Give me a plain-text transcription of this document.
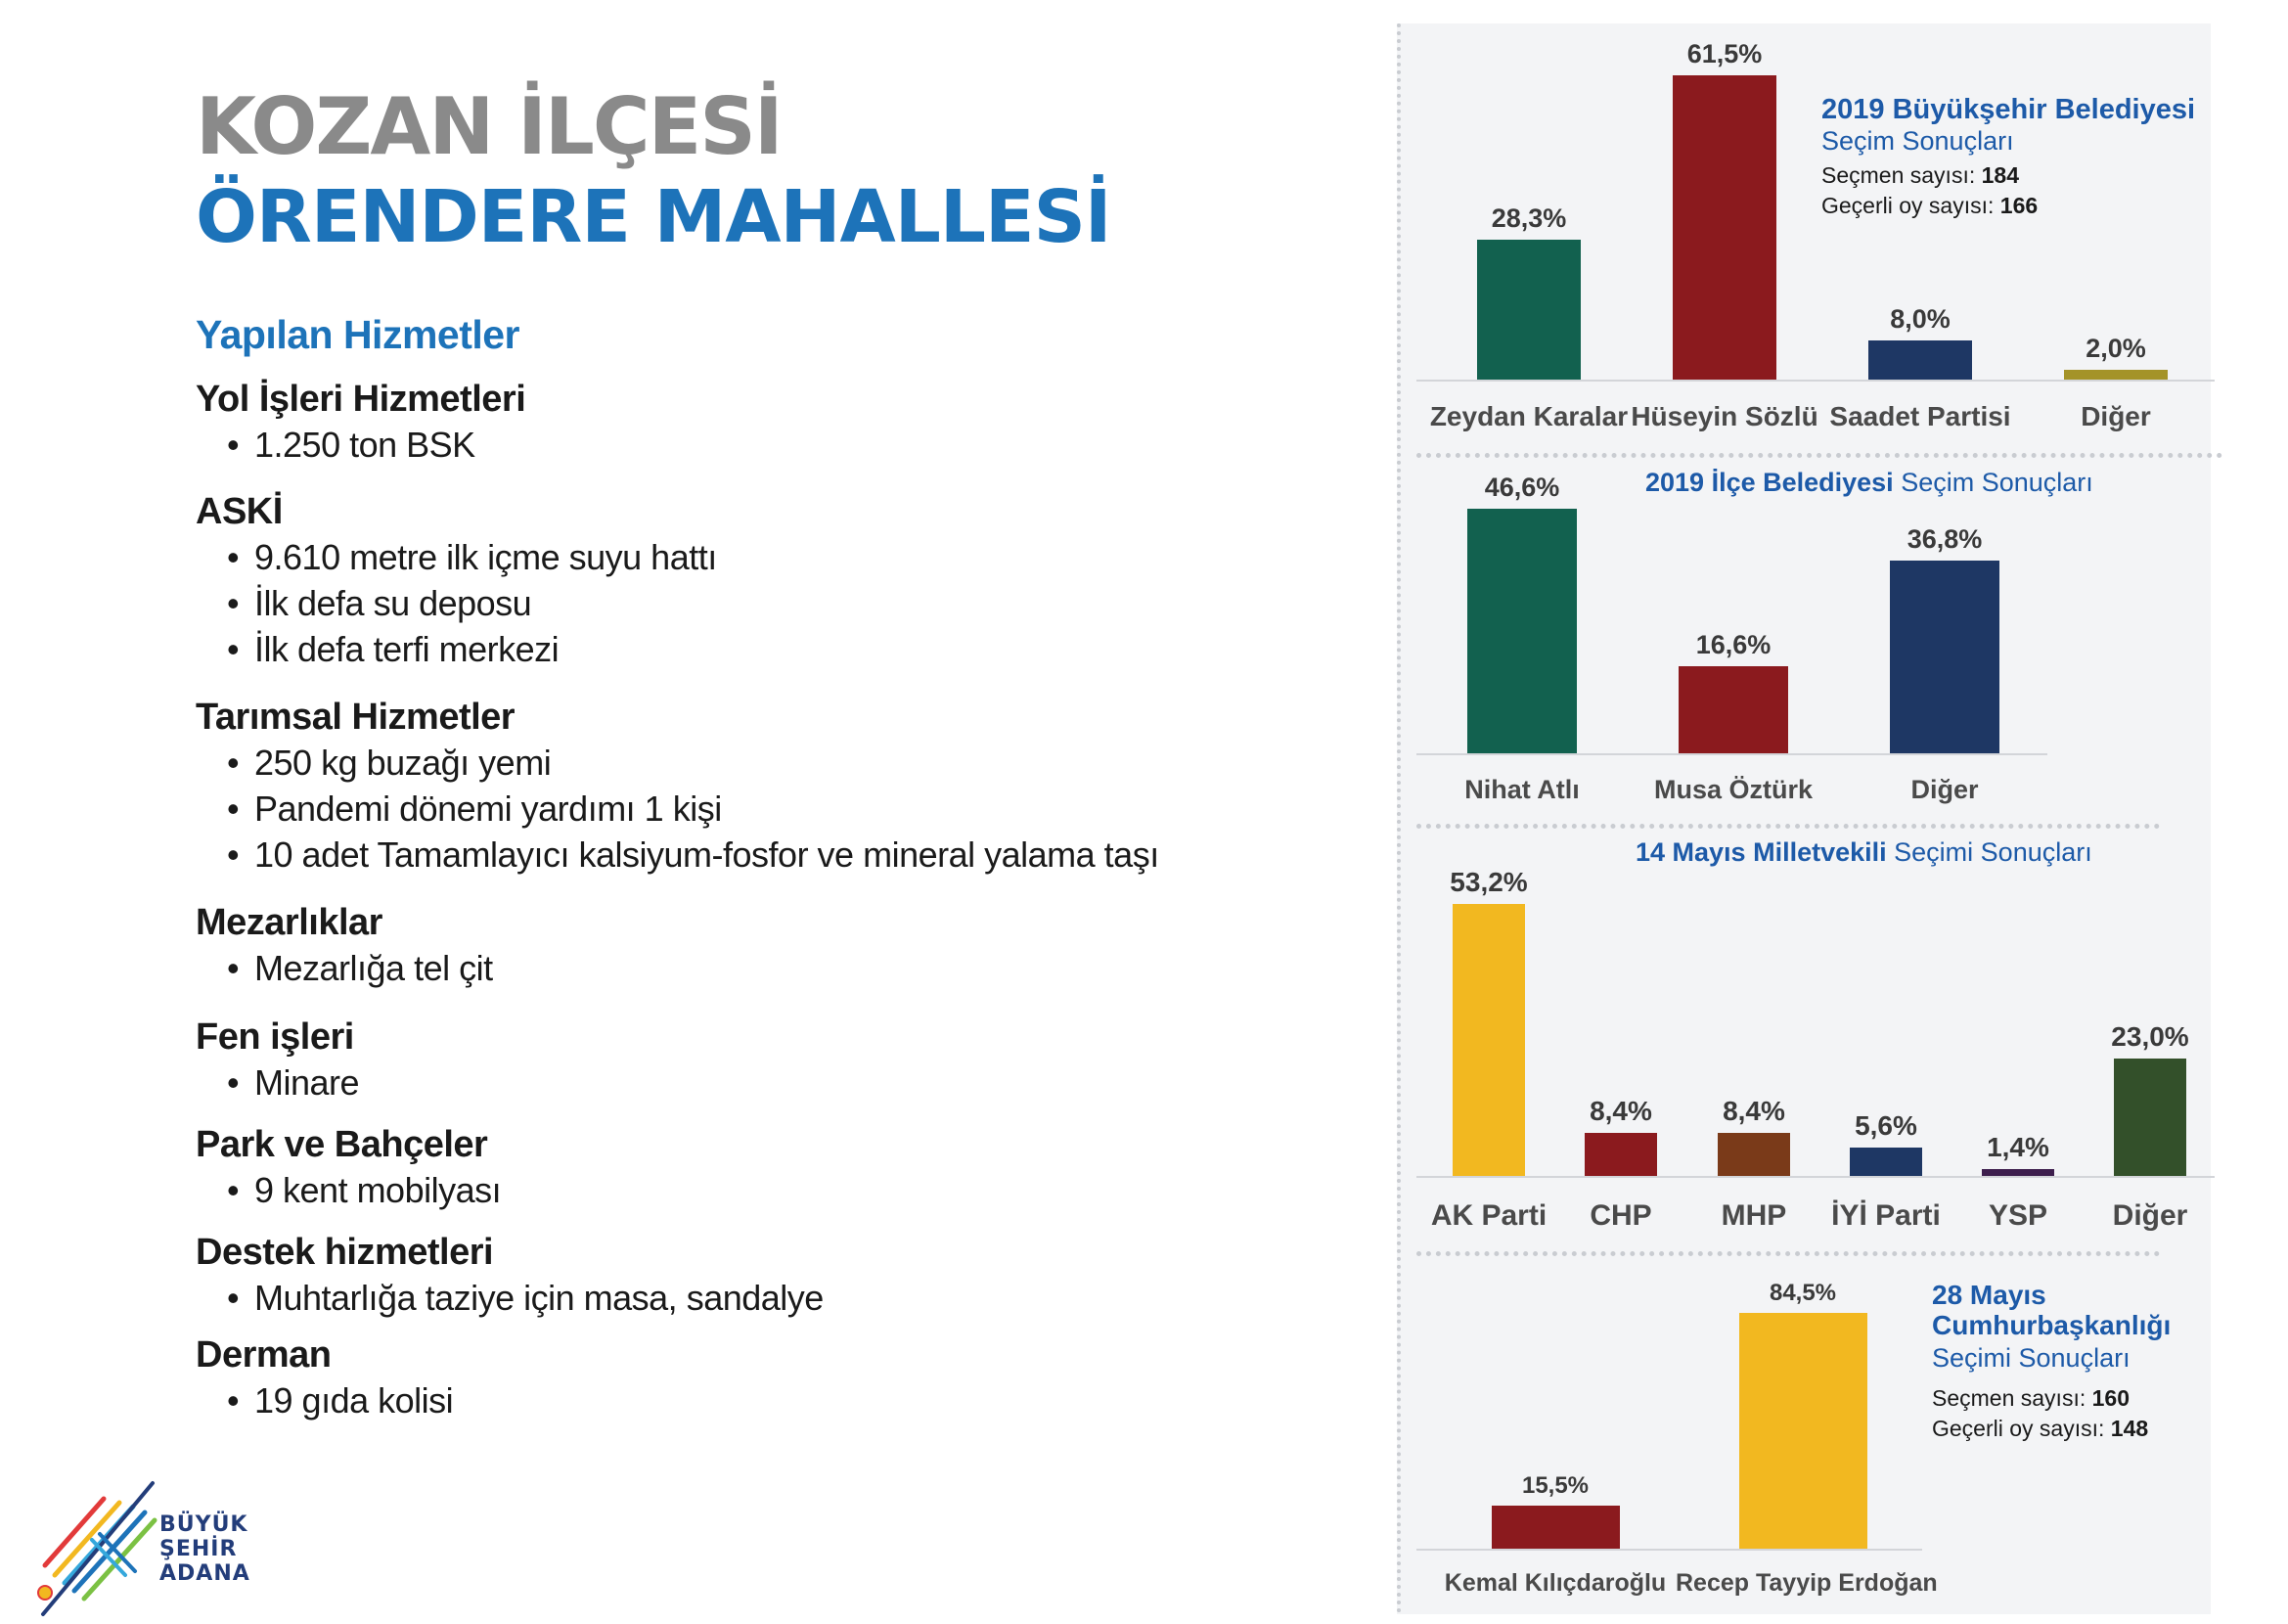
KOZAN İLÇESİ
ÖRENDERE MAHALLESİ
Yapılan Hizmetler
Yol İşleri Hizmetleri
• 1.250 ton BSK
ASKİ
• 9.610 metre ilk içme suyu hattı
• İlk defa su deposu
• İlk defa terfi merkezi
Tarımsal Hizmetler
• 250 kg buzağı yemi
• Pandemi dönemi yardımı 1 kişi
• 10 adet Tamamlayıcı kalsiyum-fosfor ve mineral yalama taşı
Mezarlıklar
• Mezarlığa tel çit
Fen işleri
• Minare
Park ve Bahçeler
• 9 kent mobilyası
Destek hizmetleri
• Muhtarlığa taziye için masa, sandalye
Derman
• 19 gıda kolisi
BÜYÜK
ŞEHİR
ADANA
2019 Büyükşehir Belediyesi
Seçim Sonuçları
Seçmen sayısı: 184
Geçerli oy sayısı: 166
2019 İlçe Belediyesi Seçim Sonuçları
14 Mayıs Milletvekili Seçimi Sonuçları
28 Mayıs
Cumhurbaşkanlığı
Seçimi Sonuçları
Seçmen sayısı: 160
Geçerli oy sayısı: 148
28,3%
Zeydan Karalar
61,5%
Hüseyin Sözlü
8,0%
Saadet Partisi
2,0%
Diğer
46,6%
Nihat Atlı
16,6%
Musa Öztürk
36,8%
Diğer
53,2%
AK Parti
8,4%
CHP
8,4%
MHP
5,6%
İYİ Parti
1,4%
YSP
23,0%
Diğer
15,5%
Kemal Kılıçdaroğlu
84,5%
Recep Tayyip Erdoğan
